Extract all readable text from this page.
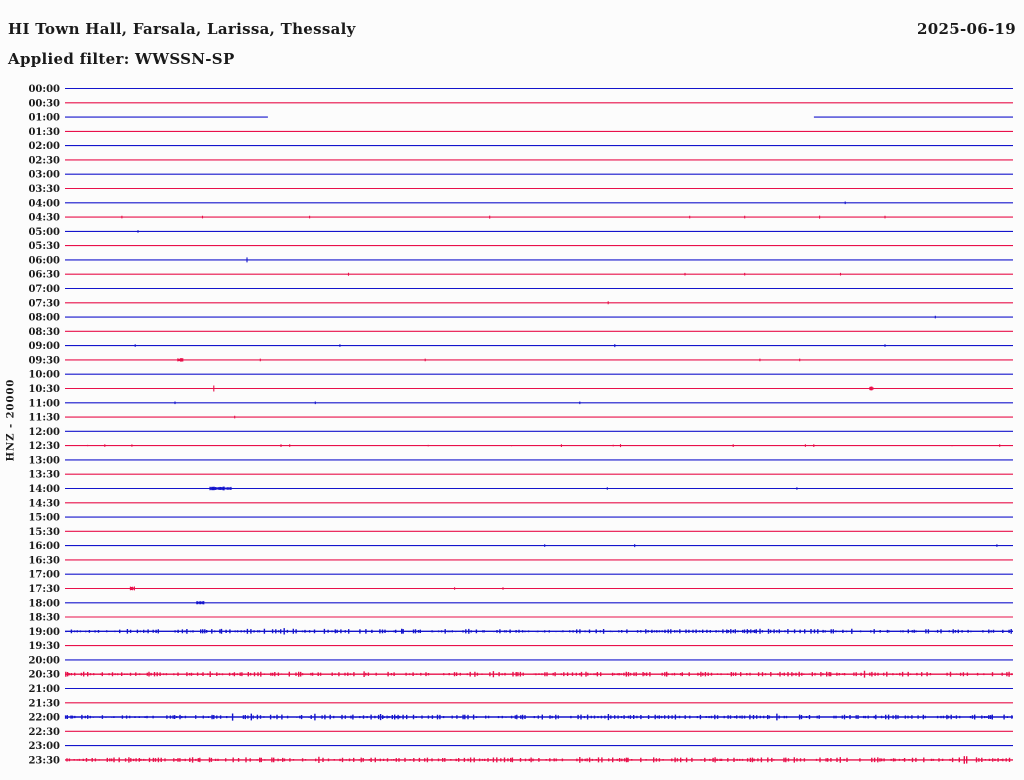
HI Town Hall, Farsala, Larissa, Thessaly	2025-06-19
Applied filter: WWSSN-SP
HNZ - 20000
00:00
00:30
01:00
01:30
02:00
02:30
03:00
03:30
04:00
04:30
05:00
05:30
06:00
06:30
07:00
07:30
08:00
08:30
09:00
09:30
10:00
10:30
11:00
11:30
12:00
12:30
13:00
13:30
14:00
14:30
15:00
15:30
16:00
16:30
17:00
17:30
18:00
18:30
19:00
19:30
20:00
20:30
21:00
21:30
22:00
22:30
23:00
23:30
